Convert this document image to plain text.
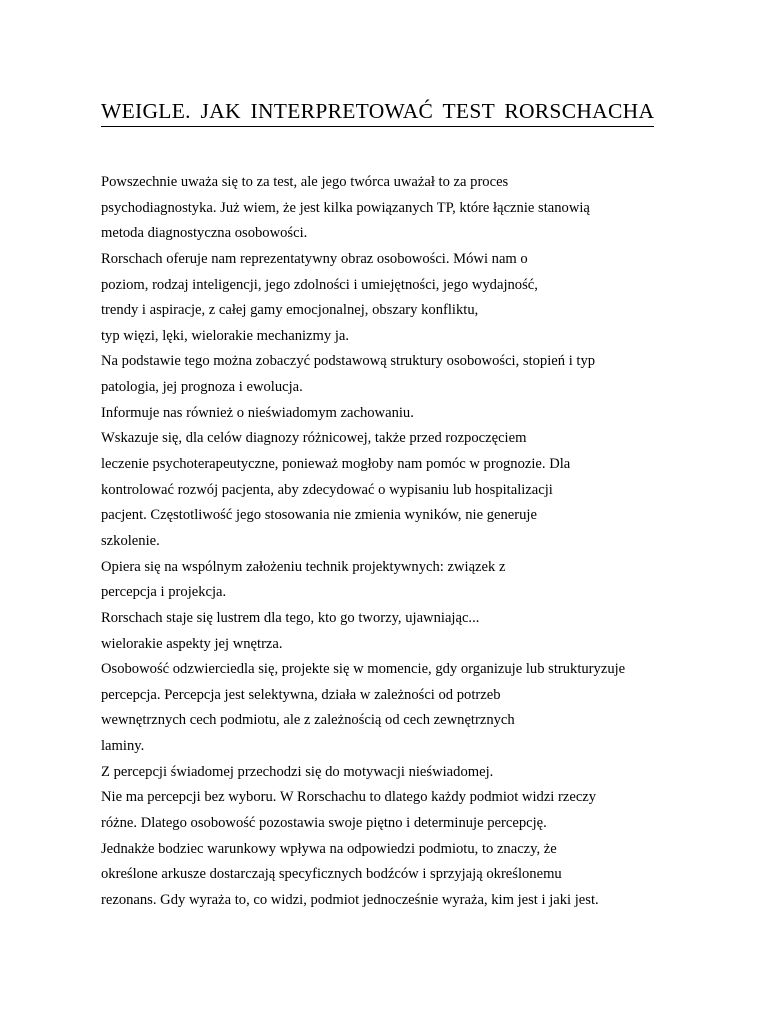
WEIGLE. JAK INTERPRETOWAĆ TEST RORSCHACHA
Powszechnie uważa się to za test, ale jego twórca uważał to za proces
psychodiagnostyka. Już wiem, że jest kilka powiązanych TP, które łącznie stanowią
metoda diagnostyczna osobowości.
Rorschach oferuje nam reprezentatywny obraz osobowości. Mówi nam o
poziom, rodzaj inteligencji, jego zdolności i umiejętności, jego wydajność,
trendy i aspiracje, z całej gamy emocjonalnej, obszary konfliktu,
typ więzi, lęki, wielorakie mechanizmy ja.
Na podstawie tego można zobaczyć podstawową struktury osobowości, stopień i typ
patologia, jej prognoza i ewolucja.
Informuje nas również o nieświadomym zachowaniu.
Wskazuje się, dla celów diagnozy różnicowej, także przed rozpoczęciem
leczenie psychoterapeutyczne, ponieważ mogłoby nam pomóc w prognozie. Dla
kontrolować rozwój pacjenta, aby zdecydować o wypisaniu lub hospitalizacji
pacjent. Częstotliwość jego stosowania nie zmienia wyników, nie generuje
szkolenie.
Opiera się na wspólnym założeniu technik projektywnych: związek z
percepcja i projekcja.
Rorschach staje się lustrem dla tego, kto go tworzy, ujawniając...
wielorakie aspekty jej wnętrza.
Osobowość odzwierciedla się, projekte się w momencie, gdy organizuje lub strukturyzuje
percepcja. Percepcja jest selektywna, działa w zależności od potrzeb
wewnętrznych cech podmiotu, ale z zależnością od cech zewnętrznych
laminy.
Z percepcji świadomej przechodzi się do motywacji nieświadomej.
Nie ma percepcji bez wyboru. W Rorschachu to dlatego każdy podmiot widzi rzeczy
różne. Dlatego osobowość pozostawia swoje piętno i determinuje percepcję.
Jednakże bodziec warunkowy wpływa na odpowiedzi podmiotu, to znaczy, że
określone arkusze dostarczają specyficznych bodźców i sprzyjają określonemu
rezonans. Gdy wyraża to, co widzi, podmiot jednocześnie wyraża, kim jest i jaki jest.
